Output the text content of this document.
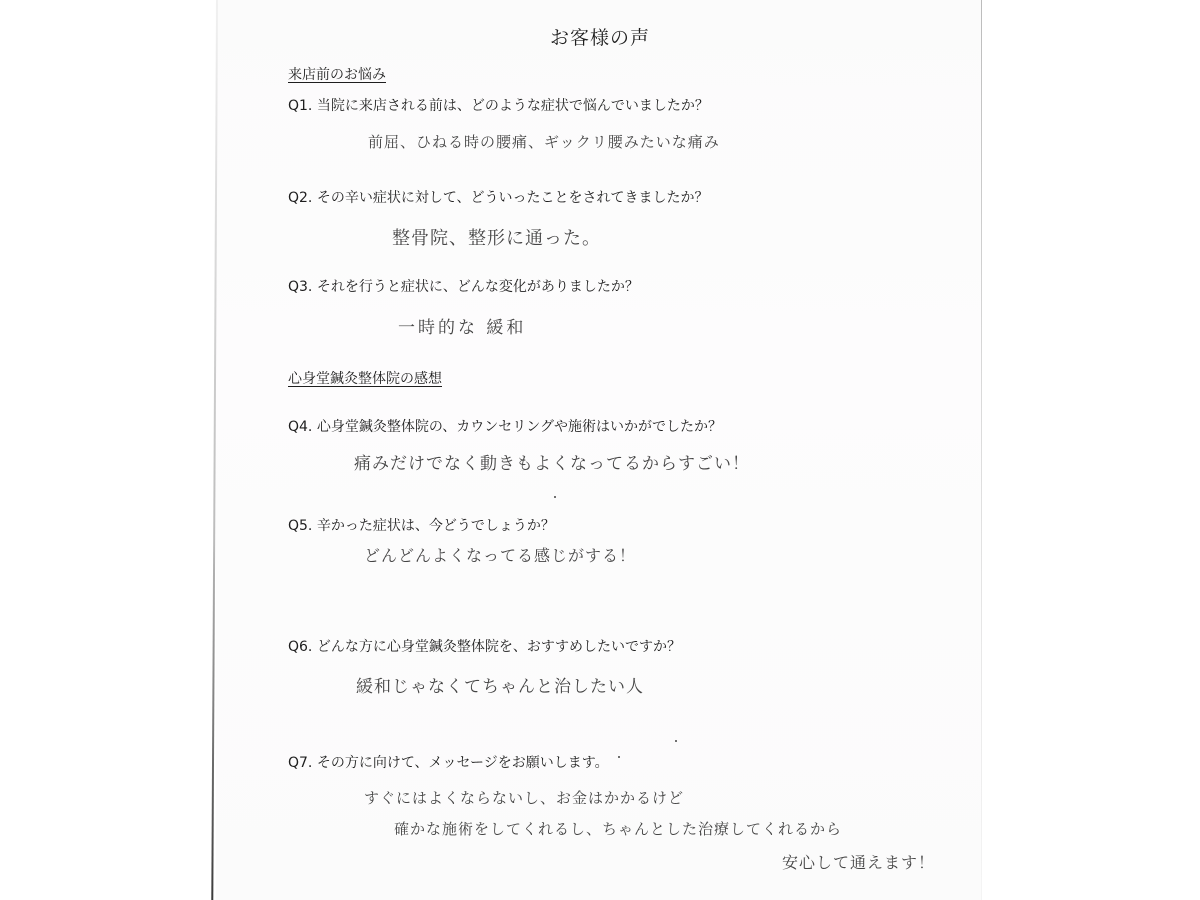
お客様の声
来店前のお悩み
Q1. 当院に来店される前は、どのような症状で悩んでいましたか？
前屈、ひねる時の腰痛、ギックリ腰みたいな痛み
Q2. その辛い症状に対して、どういったことをされてきましたか？
整骨院、整形に通った。
Q3. それを行うと症状に、どんな変化がありましたか？
一時的な 緩和
心身堂鍼灸整体院の感想
Q4. 心身堂鍼灸整体院の、カウンセリングや施術はいかがでしたか？
痛みだけでなく動きもよくなってるからすごい！
Q5. 辛かった症状は、今どうでしょうか？
どんどんよくなってる感じがする！
Q6. どんな方に心身堂鍼灸整体院を、おすすめしたいですか？
緩和じゃなくてちゃんと治したい人
Q7. その方に向けて、メッセージをお願いします。
すぐにはよくならないし、お金はかかるけど
確かな施術をしてくれるし、ちゃんとした治療してくれるから
安心して通えます！
